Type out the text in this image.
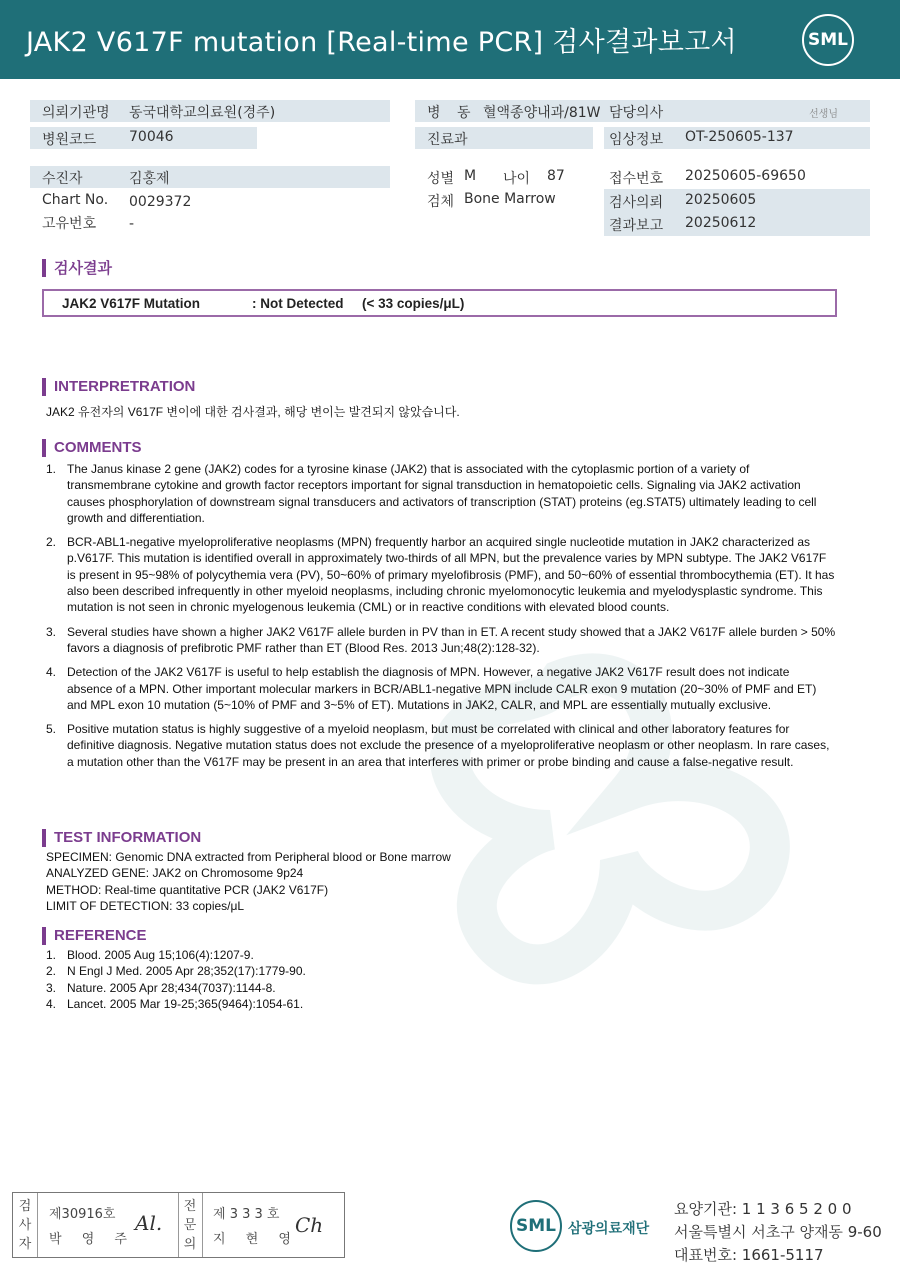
JAK2 V617F mutation [Real-time PCR] 검사결과보고서	SML
의뢰기관명 동국대학교의료원(경주)
병원코드 70046
병 동 혈액종양내과/81W 담당의사	선생님
진료과	임상정보 OT-250605-137
수진자	김홍제
Chart No. 0029372
고유번호 -
성별 M 나이 87
검체 Bone Marrow
접수번호 20250605-69650
검사의뢰 20250605
결과보고 20250612
검사결과
JAK2 V617F Mutation	: Not Detected (< 33 copies/μL)
INTERPRETRATION
JAK2 유전자의 V617F 변이에 대한 검사결과, 해당 변이는 발견되지 않았습니다.
COMMENTS
1. The Janus kinase 2 gene (JAK2) codes for a tyrosine kinase (JAK2) that is associated with the cytoplasmic portion of a variety of transmembrane cytokine and growth factor receptors important for signal transduction in hematopoietic cells. Signaling via JAK2 activation causes phosphorylation of downstream signal transducers and activators of transcription (STAT) proteins (eg.STAT5) ultimately leading to cell growth and differentiation.
2. BCR-ABL1-negative myeloproliferative neoplasms (MPN) frequently harbor an acquired single nucleotide mutation in JAK2 characterized as p.V617F. This mutation is identified overall in approximately two-thirds of all MPN, but the prevalence varies by MPN subtype. The JAK2 V617F is present in 95~98% of polycythemia vera (PV), 50~60% of primary myelofibrosis (PMF), and 50~60% of essential thrombocythemia (ET). It has also been described infrequently in other myeloid neoplasms, including chronic myelomonocytic leukemia and myelodysplastic syndrome. This mutation is not seen in chronic myelogenous leukemia (CML) or in reactive conditions with elevated blood counts.
3. Several studies have shown a higher JAK2 V617F allele burden in PV than in ET. A recent study showed that a JAK2 V617F allele burden > 50% favors a diagnosis of prefibrotic PMF rather than ET (Blood Res. 2013 Jun;48(2):128-32).
4. Detection of the JAK2 V617F is useful to help establish the diagnosis of MPN. However, a negative JAK2 V617F result does not indicate absence of a MPN. Other important molecular markers in BCR/ABL1-negative MPN include CALR exon 9 mutation (20~30% of PMF and ET) and MPL exon 10 mutation (5~10% of PMF and 3~5% of ET). Mutations in JAK2, CALR, and MPL are essentially mutually exclusive.
5. Positive mutation status is highly suggestive of a myeloid neoplasm, but must be correlated with clinical and other laboratory features for definitive diagnosis. Negative mutation status does not exclude the presence of a myeloproliferative neoplasm or other neoplasm. In rare cases, a mutation other than the V617F may be present in an area that interferes with primer or probe binding and cause a false-negative result.
TEST INFORMATION
SPECIMEN: Genomic DNA extracted from Peripheral blood or Bone marrow
ANALYZED GENE: JAK2 on Chromosome 9p24
METHOD: Real-time quantitative PCR (JAK2 V617F)
LIMIT OF DETECTION: 33 copies/μL
REFERENCE
1. Blood. 2005 Aug 15;106(4):1207-9.
2. N Engl J Med. 2005 Apr 28;352(17):1779-90.
3. Nature. 2005 Apr 28;434(7037):1144-8.
4. Lancet. 2005 Mar 19-25;365(9464):1054-61.
검사자
제30916호
박 영 주
Al.
전문의
제 3 3 3 호
지 현 영
Ch	SML 삼광의료재단
요양기관: 1 1 3 6 5 2 0 0
서울특별시 서초구 양재동 9-60
대표번호: 1661-5117
